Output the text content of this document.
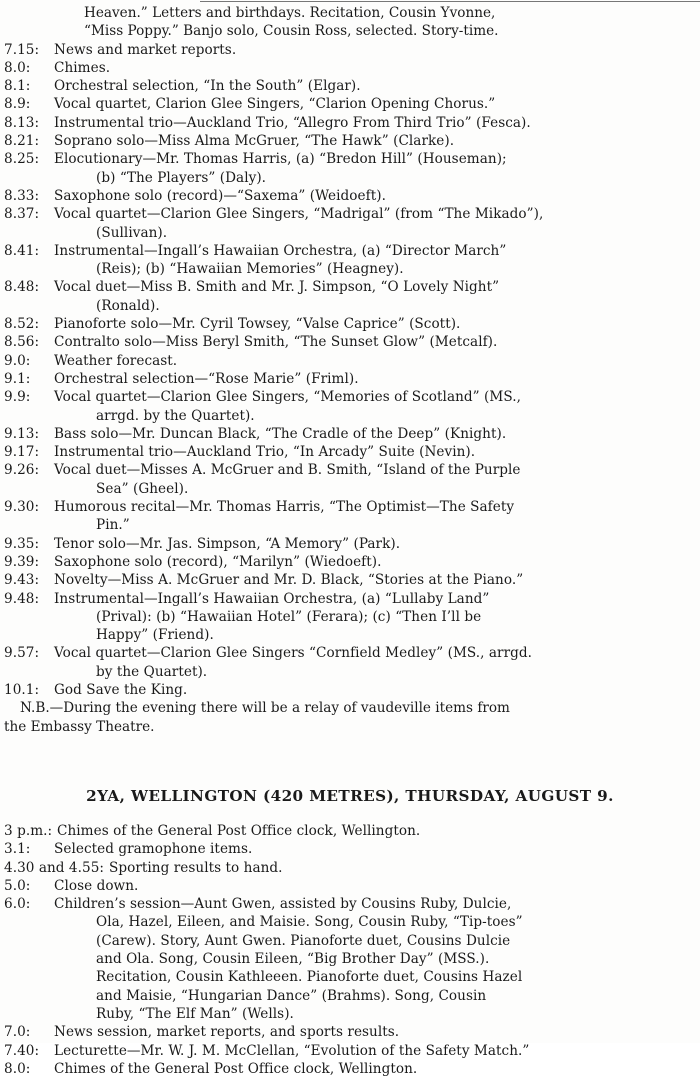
Heaven.” Letters and birthdays. Recitation, Cousin Yvonne,
“Miss Poppy.” Banjo solo, Cousin Ross, selected. Story-time.
7.15:	News and market reports.
8.0:	Chimes.
8.1:	Orchestral selection, “In the South” (Elgar).
8.9:	Vocal quartet, Clarion Glee Singers, “Clarion Opening Chorus.”
8.13:	Instrumental trio—Auckland Trio, “Allegro From Third Trio” (Fesca).
8.21:	Soprano solo—Miss Alma McGruer, “The Hawk” (Clarke).
8.25:	Elocutionary—Mr. Thomas Harris, (a) “Bredon Hill” (Houseman);
(b) “The Players” (Daly).
8.33:	Saxophone solo (record)—“Saxema” (Weidoeft).
8.37:	Vocal quartet—Clarion Glee Singers, “Madrigal” (from “The Mikado”),
(Sullivan).
8.41:	Instrumental—Ingall’s Hawaiian Orchestra, (a) “Director March”
(Reis); (b) “Hawaiian Memories” (Heagney).
8.48:	Vocal duet—Miss B. Smith and Mr. J. Simpson, “O Lovely Night”
(Ronald).
8.52:	Pianoforte solo—Mr. Cyril Towsey, “Valse Caprice” (Scott).
8.56:	Contralto solo—Miss Beryl Smith, “The Sunset Glow” (Metcalf).
9.0:	Weather forecast.
9.1:	Orchestral selection—“Rose Marie” (Friml).
9.9:	Vocal quartet—Clarion Glee Singers, “Memories of Scotland” (MS.,
arrgd. by the Quartet).
9.13:	Bass solo—Mr. Duncan Black, “The Cradle of the Deep” (Knight).
9.17:	Instrumental trio—Auckland Trio, “In Arcady” Suite (Nevin).
9.26:	Vocal duet—Misses A. McGruer and B. Smith, “Island of the Purple
Sea” (Gheel).
9.30:	Humorous recital—Mr. Thomas Harris, “The Optimist—The Safety
Pin.”
9.35:	Tenor solo—Mr. Jas. Simpson, “A Memory” (Park).
9.39:	Saxophone solo (record), “Marilyn” (Wiedoeft).
9.43:	Novelty—Miss A. McGruer and Mr. D. Black, “Stories at the Piano.”
9.48:	Instrumental—Ingall’s Hawaiian Orchestra, (a) “Lullaby Land”
(Prival): (b) “Hawaiian Hotel” (Ferara); (c) “Then I’ll be
Happy” (Friend).
9.57:	Vocal quartet—Clarion Glee Singers “Cornfield Medley” (MS., arrgd.
by the Quartet).
10.1:	God Save the King.
N.B.—During the evening there will be a relay of vaudeville items from
the Embassy Theatre.
2YA, WELLINGTON (420 METRES), THURSDAY, AUGUST 9.
3 p.m.: Chimes of the General Post Office clock, Wellington.
3.1:	Selected gramophone items.
4.30 and 4.55: Sporting results to hand.
5.0:	Close down.
6.0:	Children’s session—Aunt Gwen, assisted by Cousins Ruby, Dulcie,
Ola, Hazel, Eileen, and Maisie. Song, Cousin Ruby, “Tip-toes”
(Carew). Story, Aunt Gwen. Pianoforte duet, Cousins Dulcie
and Ola. Song, Cousin Eileen, “Big Brother Day” (MSS.).
Recitation, Cousin Kathleeen. Pianoforte duet, Cousins Hazel
and Maisie, “Hungarian Dance” (Brahms). Song, Cousin
Ruby, “The Elf Man” (Wells).
7.0:	News session, market reports, and sports results.
7.40:	Lecturette—Mr. W. J. M. McClellan, “Evolution of the Safety Match.”
8.0:	Chimes of the General Post Office clock, Wellington.
